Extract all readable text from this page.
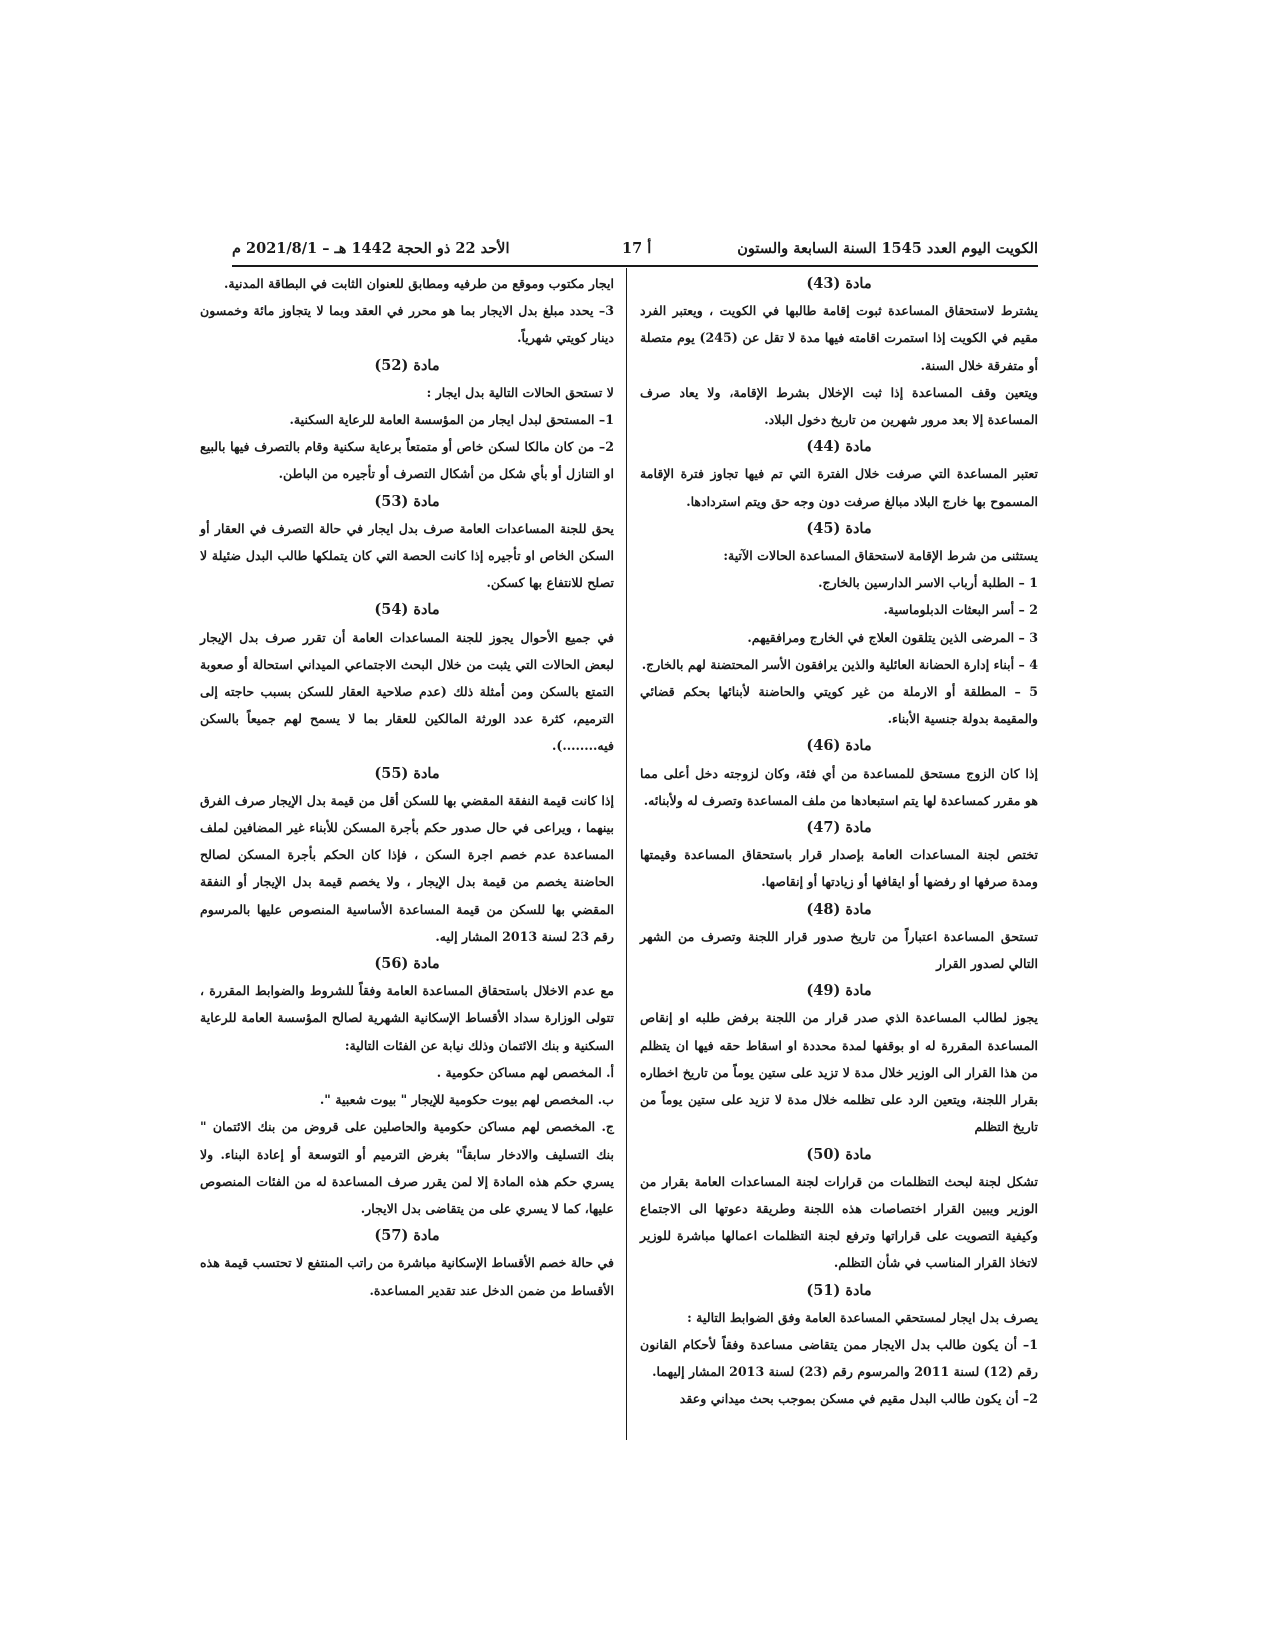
الكويت اليوم العدد 1545 السنة السابعة والستون
أ 17
الأحد 22 ذو الحجة 1442 هـ – 2021/8/1 م

مادة (43)

يشترط لاستحقاق المساعدة ثبوت إقامة طالبها في الكويت ، ويعتبر الفرد مقيم في الكويت إذا استمرت اقامته فيها مدة لا تقل عن (245) يوم متصلة أو متفرقة خلال السنة.

ويتعين وقف المساعدة إذا ثبت الإخلال بشرط الإقامة، ولا يعاد صرف المساعدة إلا بعد مرور شهرين من تاريخ دخول البلاد.

مادة (44)

تعتبر المساعدة التي صرفت خلال الفترة التي تم فيها تجاوز فترة الإقامة المسموح بها خارج البلاد مبالغ صرفت دون وجه حق ويتم استردادها.

مادة (45)

يستثنى من شرط الإقامة لاستحقاق المساعدة الحالات الآتية:

1 – الطلبة أرباب الاسر الدارسين بالخارج.

2 – أسر البعثات الدبلوماسية.

3 – المرضى الذين يتلقون العلاج في الخارج ومرافقيهم.

4 – أبناء إدارة الحضانة العائلية والذين يرافقون الأسر المحتضنة لهم بالخارج.

5 – المطلقة أو الارملة من غير كويتي والحاضنة لأبنائها بحكم قضائي والمقيمة بدولة جنسية الأبناء.

مادة (46)

إذا كان الزوج مستحق للمساعدة من أي فئة، وكان لزوجته دخل أعلى مما هو مقرر كمساعدة لها يتم استبعادها من ملف المساعدة وتصرف له ولأبنائه.

مادة (47)

تختص لجنة المساعدات العامة بإصدار قرار باستحقاق المساعدة وقيمتها ومدة صرفها او رفضها أو ايقافها أو زيادتها أو إنقاصها.

مادة (48)

تستحق المساعدة اعتباراً من تاريخ صدور قرار اللجنة وتصرف من الشهر التالي لصدور القرار

مادة (49)

يجوز لطالب المساعدة الذي صدر قرار من اللجنة برفض طلبه او إنقاص المساعدة المقررة له او بوقفها لمدة محددة او اسقاط حقه فيها ان يتظلم من هذا القرار الى الوزير خلال مدة لا تزيد على ستين يوماً من تاريخ اخطاره بقرار اللجنة، ويتعين الرد على تظلمه خلال مدة لا تزيد على ستين يوماً من تاريخ التظلم

مادة (50)

تشكل لجنة لبحث التظلمات من قرارات لجنة المساعدات العامة بقرار من الوزير ويبين القرار اختصاصات هذه اللجنة وطريقة دعوتها الى الاجتماع وكيفية التصويت على قراراتها وترفع لجنة التظلمات اعمالها مباشرة للوزير لاتخاذ القرار المناسب في شأن التظلم.

مادة (51)

يصرف بدل ايجار لمستحقي المساعدة العامة وفق الضوابط التالية :

1– أن يكون طالب بدل الايجار ممن يتقاضى مساعدة وفقاً لأحكام القانون رقم (12) لسنة 2011 والمرسوم رقم (23) لسنة 2013 المشار إليهما.

2– أن يكون طالب البدل مقيم في مسكن بموجب بحث ميداني وعقد

ايجار مكتوب وموقع من طرفيه ومطابق للعنوان الثابت في البطاقة المدنية.

3– يحدد مبلغ بدل الايجار بما هو محرر في العقد وبما لا يتجاوز مائة وخمسون دينار كويتي شهرياً.

مادة (52)

لا تستحق الحالات التالية بدل ايجار :

1– المستحق لبدل ايجار من المؤسسة العامة للرعاية السكنية.

2– من كان مالكا لسكن خاص أو متمتعاً برعاية سكنية وقام بالتصرف فيها بالبيع او التنازل أو بأي شكل من أشكال التصرف أو تأجيره من الباطن.

مادة (53)

يحق للجنة المساعدات العامة صرف بدل ايجار في حالة التصرف في العقار أو السكن الخاص او تأجيره إذا كانت الحصة التي كان يتملكها طالب البدل ضئيلة لا تصلح للانتفاع بها كسكن.

مادة (54)

في جميع الأحوال يجوز للجنة المساعدات العامة أن تقرر صرف بدل الإيجار لبعض الحالات التي يثبت من خلال البحث الاجتماعي الميداني استحالة أو صعوبة التمتع بالسكن ومن أمثلة ذلك (عدم صلاحية العقار للسكن بسبب حاجته إلى الترميم، كثرة عدد الورثة المالكين للعقار بما لا يسمح لهم جميعاً بالسكن فيه........).

مادة (55)

إذا كانت قيمة النفقة المقضي بها للسكن أقل من قيمة بدل الإيجار صرف الفرق بينهما ، ويراعى في حال صدور حكم بأجرة المسكن للأبناء غير المضافين لملف المساعدة عدم خصم اجرة السكن ، فإذا كان الحكم بأجرة المسكن لصالح الحاضنة يخصم من قيمة بدل الإيجار ، ولا يخصم قيمة بدل الإيجار أو النفقة المقضي بها للسكن من قيمة المساعدة الأساسية المنصوص عليها بالمرسوم رقم 23 لسنة 2013 المشار إليه.

مادة (56)

مع عدم الاخلال باستحقاق المساعدة العامة وفقاً للشروط والضوابط المقررة ، تتولى الوزارة سداد الأقساط الإسكانية الشهرية لصالح المؤسسة العامة للرعاية السكنية و بنك الائتمان وذلك نيابة عن الفئات التالية:

أ. المخصص لهم مساكن حكومية .

ب. المخصص لهم بيوت حكومية للإيجار " بيوت شعبية ".

ج. المخصص لهم مساكن حكومية والحاصلين على قروض من بنك الائتمان " بنك التسليف والادخار سابقاً" بغرض الترميم أو التوسعة أو إعادة البناء. ولا يسري حكم هذه المادة إلا لمن يقرر صرف المساعدة له من الفئات المنصوص عليها، كما لا يسري على من يتقاضى بدل الايجار.

مادة (57)

في حالة خصم الأقساط الإسكانية مباشرة من راتب المنتفع لا تحتسب قيمة هذه الأقساط من ضمن الدخل عند تقدير المساعدة.
